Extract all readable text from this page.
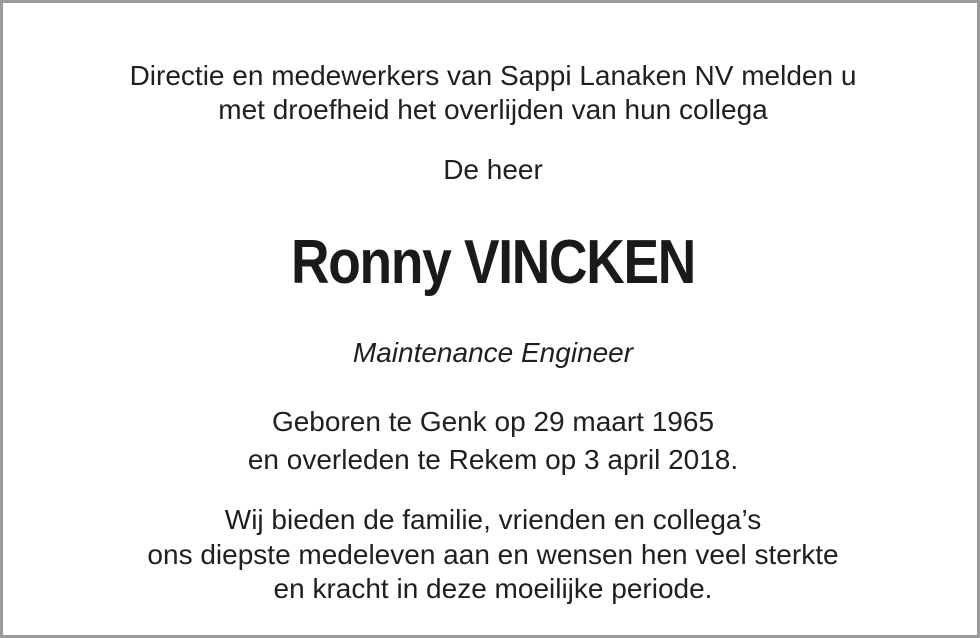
Directie en medewerkers van Sappi Lanaken NV melden u
met droefheid het overlijden van hun collega
De heer
Ronny VINCKEN
Maintenance Engineer
Geboren te Genk op 29 maart 1965
en overleden te Rekem op 3 april 2018.
Wij bieden de familie, vrienden en collega’s
ons diepste medeleven aan en wensen hen veel sterkte
en kracht in deze moeilijke periode.
